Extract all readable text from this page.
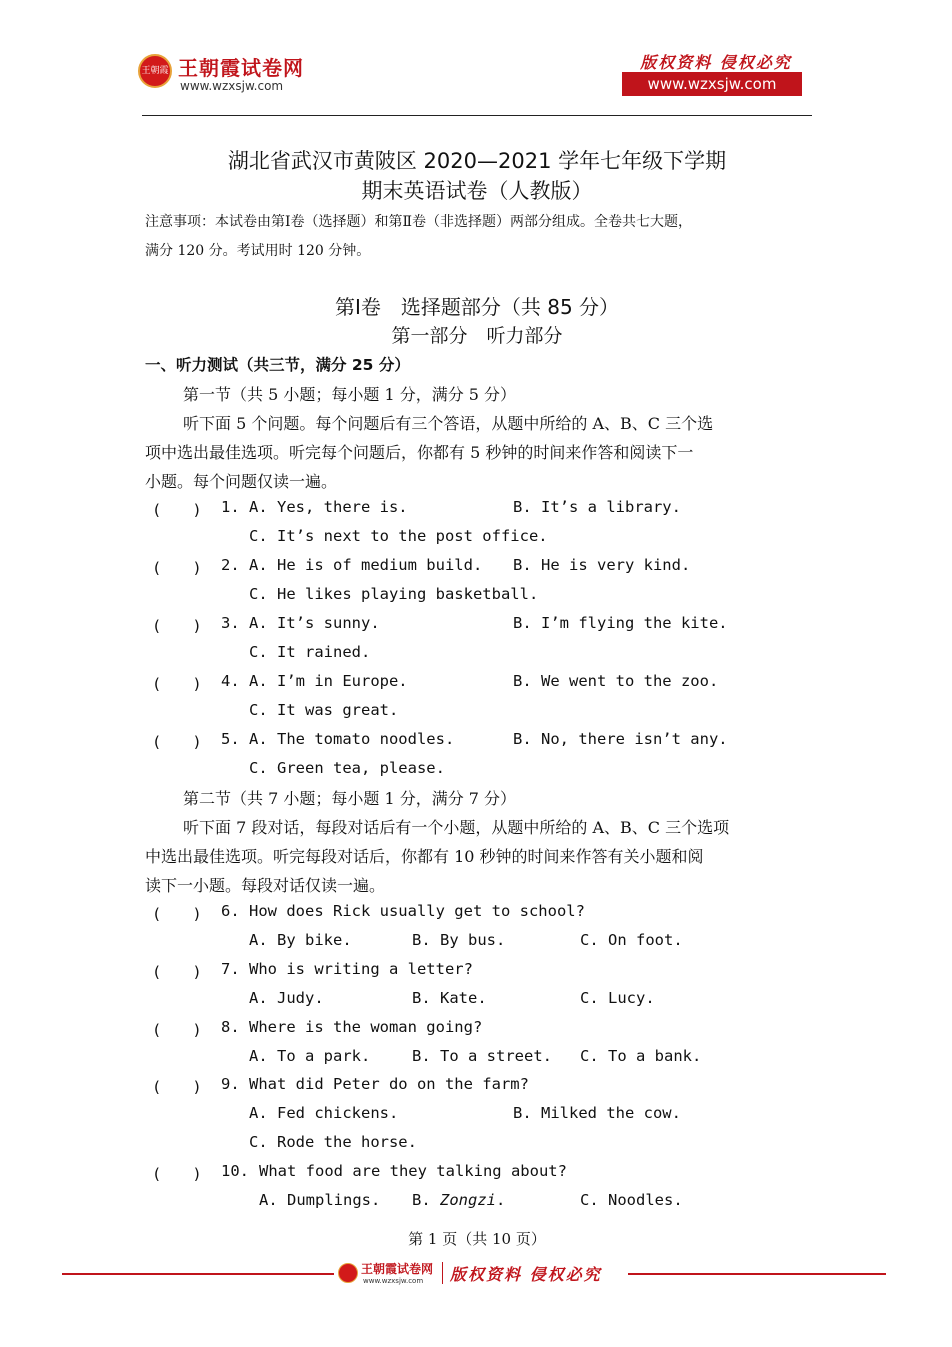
王朝霞 王朝霞试卷网
www.wzxsjw.com
版权资料 侵权必究
www.wzxsjw.com
湖北省武汉市黄陂区 2020—2021 学年七年级下学期
期末英语试卷（人教版）
注意事项：本试卷由第Ⅰ卷（选择题）和第Ⅱ卷（非选择题）两部分组成。全卷共七大题，
满分 120 分。考试用时 120 分钟。
第Ⅰ卷　选择题部分（共 85 分）
第一部分　听力部分
一、听力测试（共三节，满分 25 分）
第一节（共 5 小题；每小题 1 分，满分 5 分）
听下面 5 个问题。每个问题后有三个答语，从题中所给的 A、B、C 三个选
项中选出最佳选项。听完每个问题后，你都有 5 秒钟的时间来作答和阅读下一
小题。每个问题仅读一遍。
(　　) 1. A. Yes, there is.	B. It’s a library.
C. It’s next to the post office.
(　　) 2. A. He is of medium build. B. He is very kind.
C. He likes playing basketball.
(　　) 3. A. It’s sunny.	B. I’m flying the kite.
C. It rained.
(　　) 4. A. I’m in Europe.	B. We went to the zoo.
C. It was great.
(　　) 5. A. The tomato noodles.	B. No, there isn’t any.
C. Green tea, please.
第二节（共 7 小题；每小题 1 分，满分 7 分）
听下面 7 段对话，每段对话后有一个小题，从题中所给的 A、B、C 三个选项
中选出最佳选项。听完每段对话后，你都有 10 秒钟的时间来作答有关小题和阅
读下一小题。每段对话仅读一遍。
(　　) 6. How does Rick usually get to school?
A. By bike.	B. By bus.	C. On foot.
(　　) 7. Who is writing a letter?
A. Judy.	B. Kate.	C. Lucy.
(　　) 8. Where is the woman going?
A. To a park.	B. To a street. C. To a bank.
(　　) 9. What did Peter do on the farm?
A. Fed chickens.	B. Milked the cow.
C. Rode the horse.
(　　) 10. What food are they talking about?
A. Dumplings. B. Zongzi.	C. Noodles.
第 1 页（共 10 页）
王朝霞试卷网
www.wzxsjw.com 版权资料 侵权必究
